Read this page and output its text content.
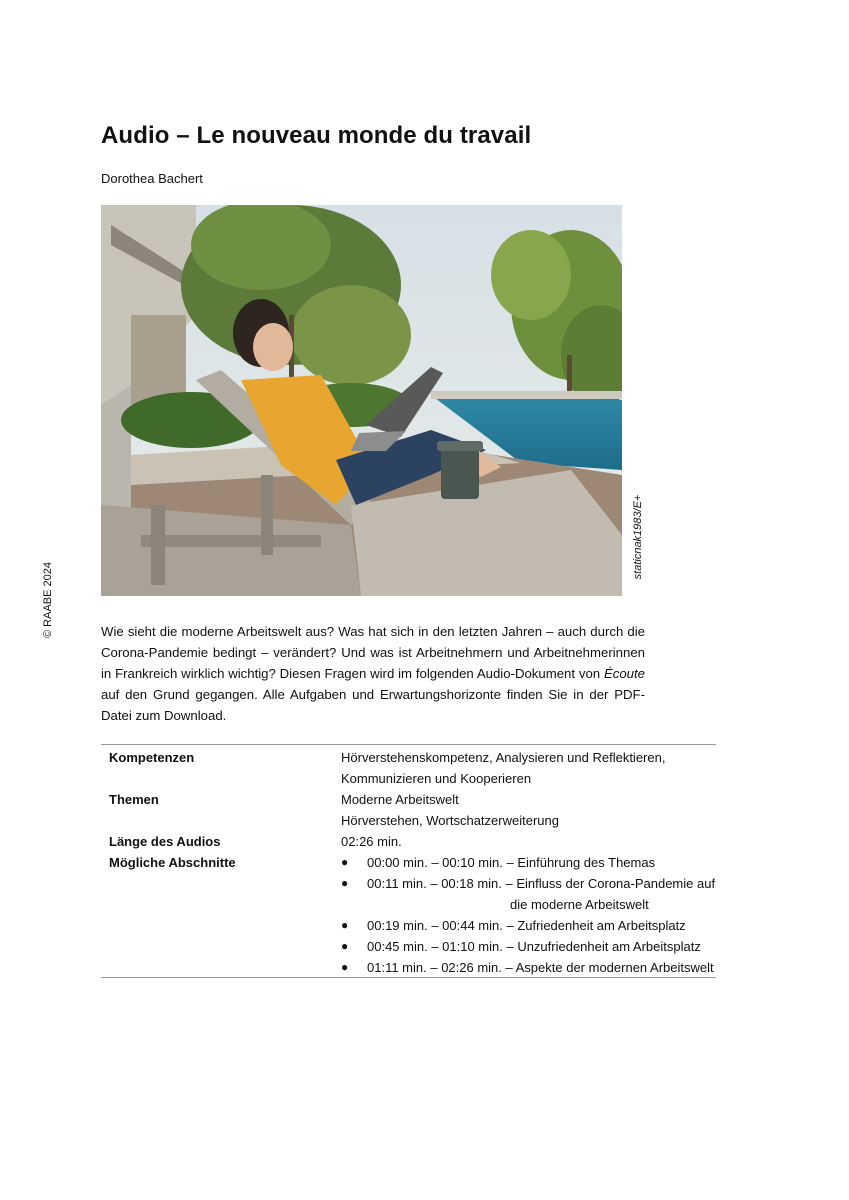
Audio – Le nouveau monde du travail
Dorothea Bachert
© RAABE 2024
staticnak1983/E+

Wie sieht die moderne Arbeitswelt aus? Was hat sich in den letzten Jahren – auch durch die Corona-Pandemie bedingt – verändert? Und was ist Arbeitnehmern und Arbeitnehmerinnen in Frankreich wirklich wichtig? Diesen Fragen wird im folgenden Audio-Dokument von Écoute auf den Grund gegangen. Alle Aufgaben und Erwartungshorizonte finden Sie in der PDF-Datei zum Download.

Kompetenzen	Hörverstehenskompetenz, Analysieren und Reflektieren,
Kommunizieren und Kooperieren
Themen	Moderne Arbeitswelt
Hörverstehen, Wortschatzerweiterung
Länge des Audios	02:26 min.
Mögliche Abschnitte	● 00:00 min. – 00:10 min. – Einführung des Themas
● 00:11 min. – 00:18 min. – Einfluss der Corona-Pandemie auf
die moderne Arbeitswelt
● 00:19 min. – 00:44 min. – Zufriedenheit am Arbeitsplatz
● 00:45 min. – 01:10 min. – Unzufriedenheit am Arbeitsplatz
● 01:11 min. – 02:26 min. – Aspekte der modernen Arbeitswelt
